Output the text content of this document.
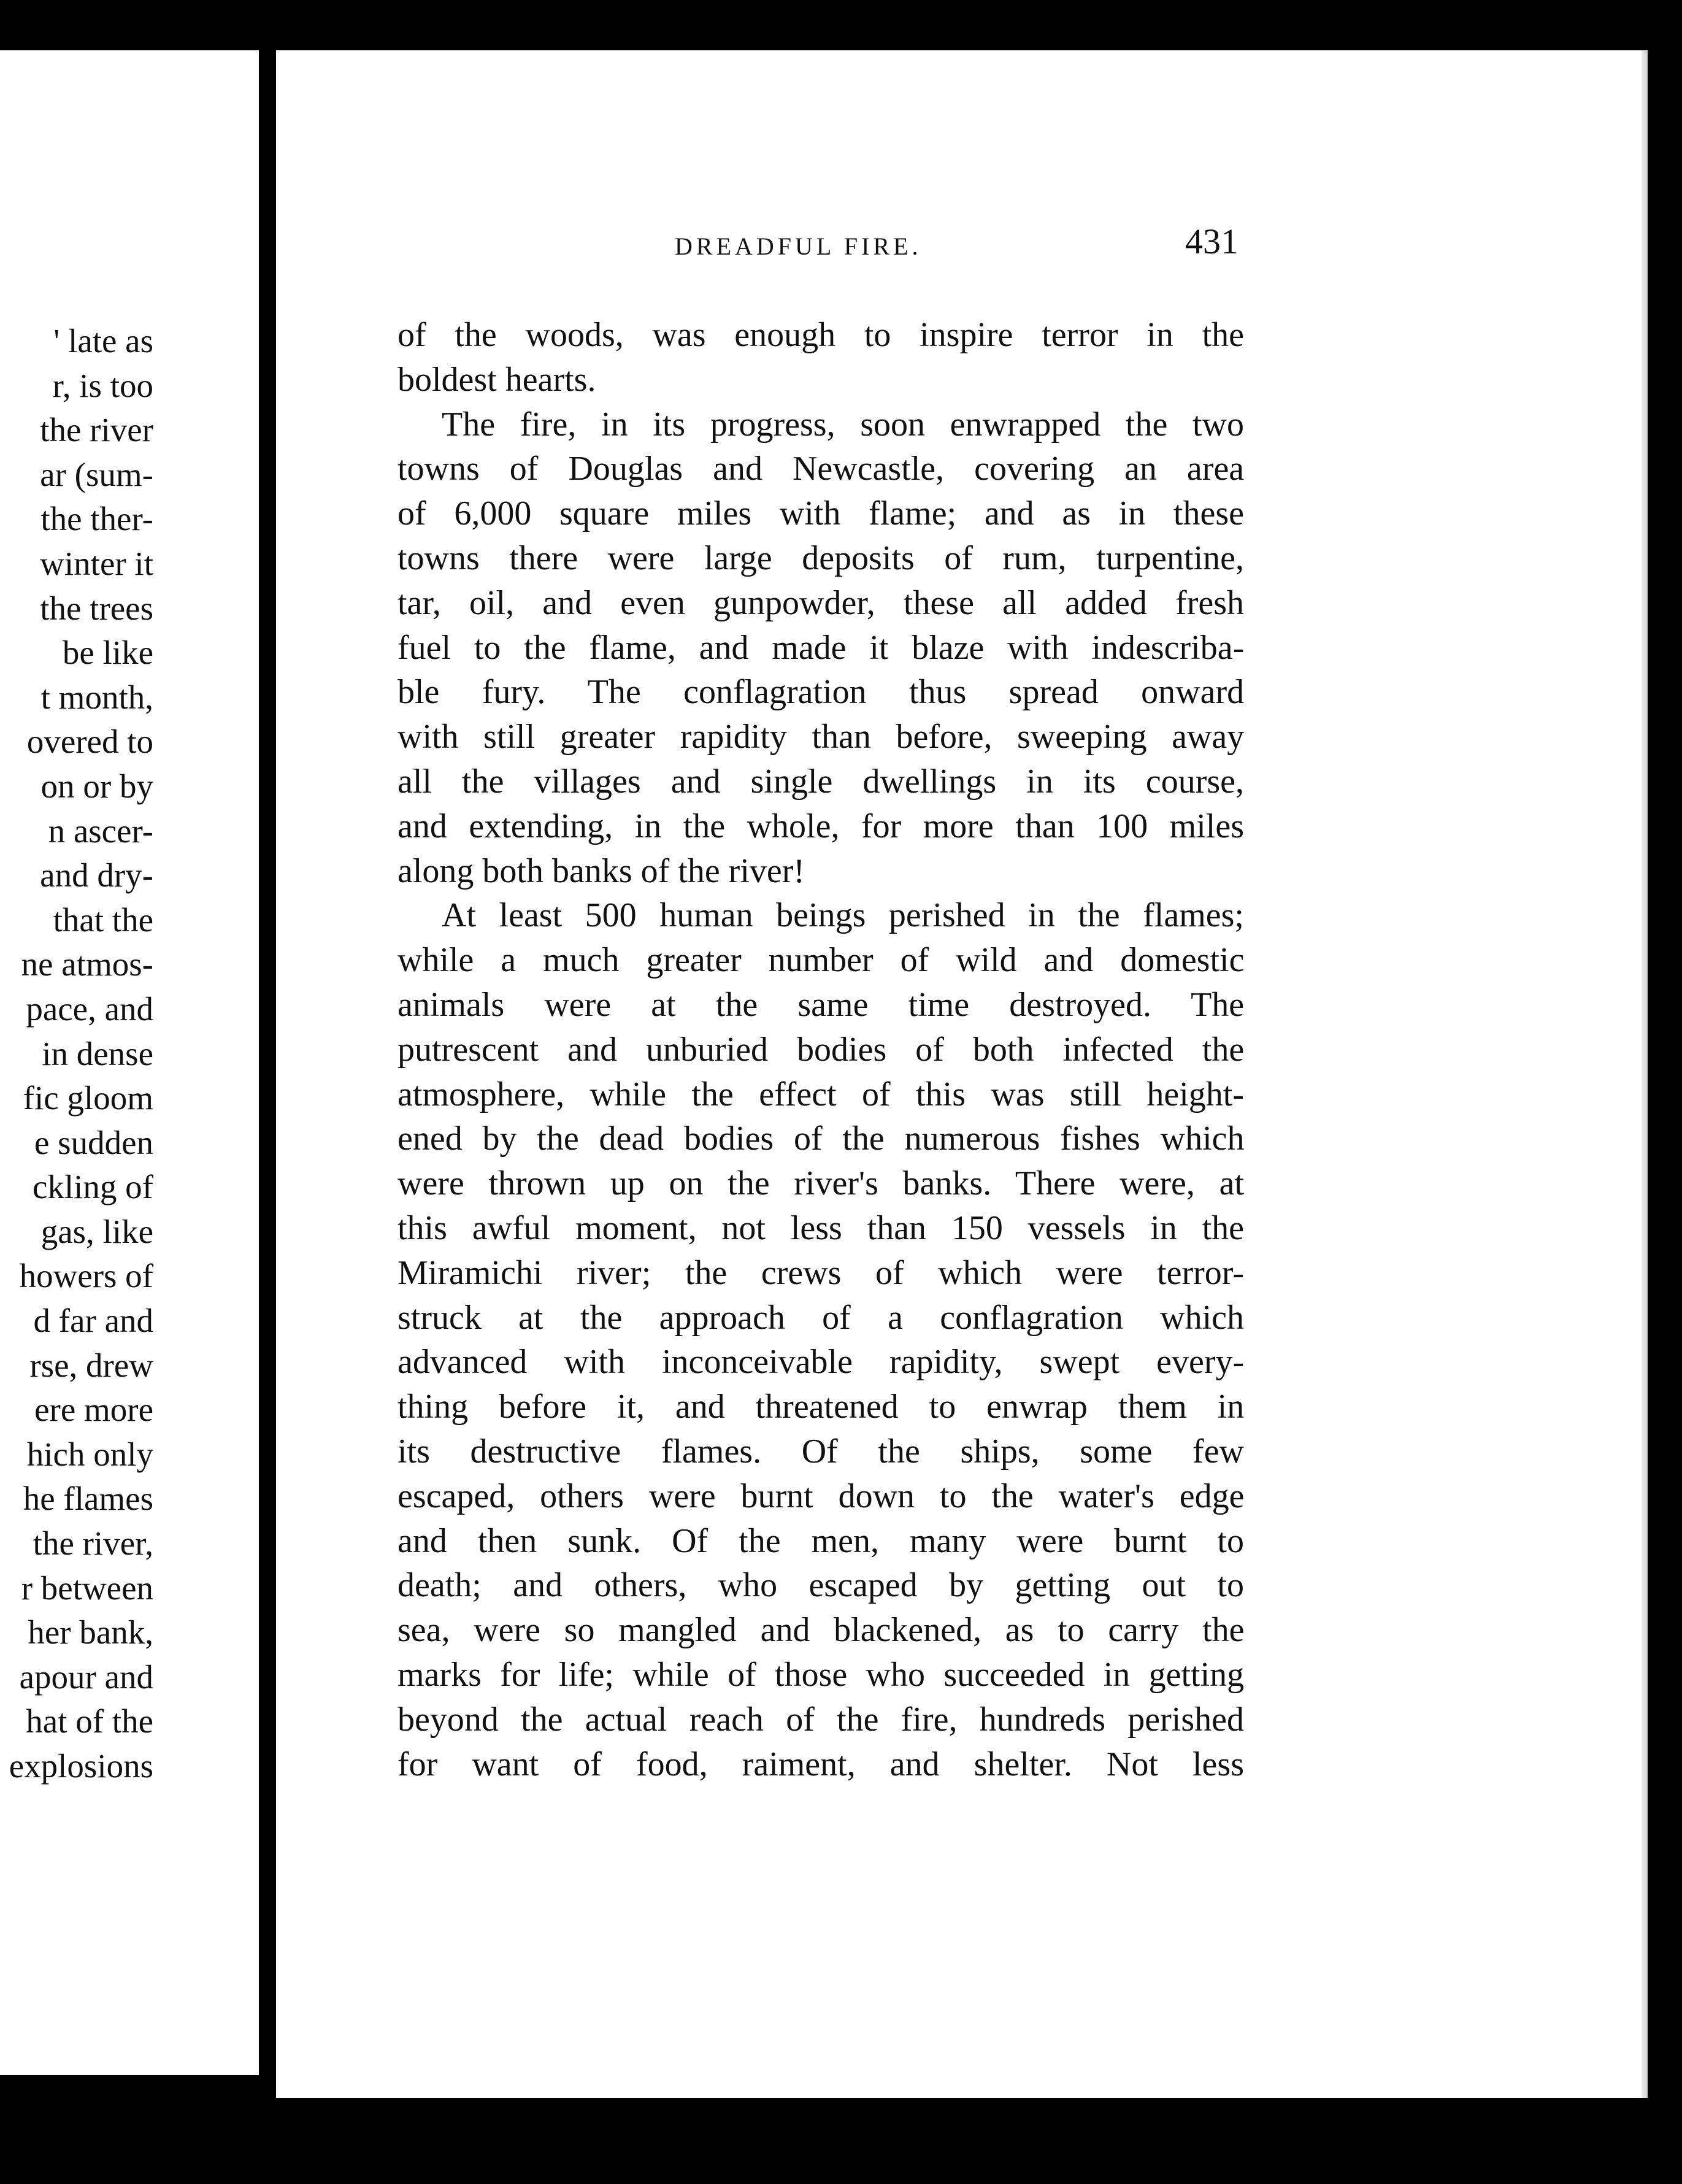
' late as
r, is too
the river
ar (sum-
the ther-
winter it
the trees
be like
t month,
overed to
on or by
n ascer-
and dry-
that the
ne atmos-
pace, and
in dense
fic gloom
e sudden
ckling of
gas, like
howers of
d far and
rse, drew
ere more
hich only
he flames
the river,
r between
her bank,
apour and
hat of the
explosions
DREADFUL FIRE.	431
of the woods, was enough to inspire terror in the
boldest hearts.
The fire, in its progress, soon enwrapped the two
towns of Douglas and Newcastle, covering an area
of 6,000 square miles with flame; and as in these
towns there were large deposits of rum, turpentine,
tar, oil, and even gunpowder, these all added fresh
fuel to the flame, and made it blaze with indescriba-
ble fury. The conflagration thus spread onward
with still greater rapidity than before, sweeping away
all the villages and single dwellings in its course,
and extending, in the whole, for more than 100 miles
along both banks of the river!
At least 500 human beings perished in the flames;
while a much greater number of wild and domestic
animals were at the same time destroyed. The
putrescent and unburied bodies of both infected the
atmosphere, while the effect of this was still height-
ened by the dead bodies of the numerous fishes which
were thrown up on the river's banks. There were, at
this awful moment, not less than 150 vessels in the
Miramichi river; the crews of which were terror-
struck at the approach of a conflagration which
advanced with inconceivable rapidity, swept every-
thing before it, and threatened to enwrap them in
its destructive flames. Of the ships, some few
escaped, others were burnt down to the water's edge
and then sunk. Of the men, many were burnt to
death; and others, who escaped by getting out to
sea, were so mangled and blackened, as to carry the
marks for life; while of those who succeeded in getting
beyond the actual reach of the fire, hundreds perished
for want of food, raiment, and shelter. Not less
